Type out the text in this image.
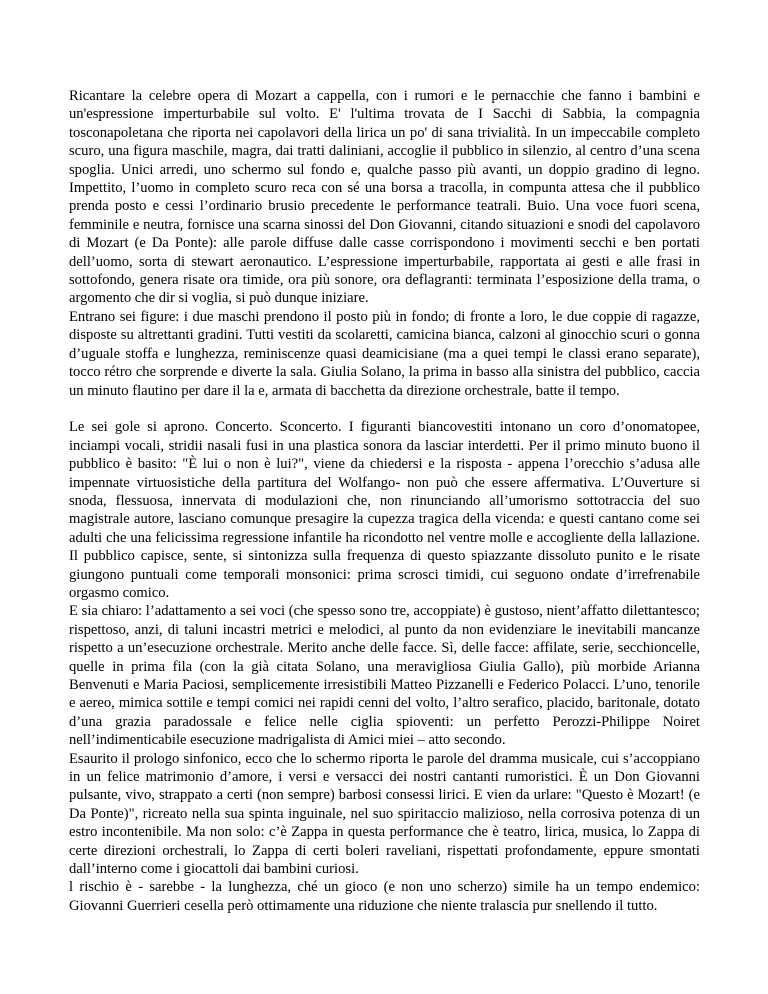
Ricantare la celebre opera di Mozart a cappella, con i rumori e le pernacchie che fanno i bambini e un'espressione imperturbabile sul volto. E' l'ultima trovata de I Sacchi di Sabbia, la compagnia tosconapoletana che riporta nei capolavori della lirica un po' di sana trivialità. In un impeccabile completo scuro, una figura maschile, magra, dai tratti daliniani, accoglie il pubblico in silenzio, al centro d’una scena spoglia. Unici arredi, uno schermo sul fondo e, qualche passo più avanti, un doppio gradino di legno. Impettito, l’uomo in completo scuro reca con sé una borsa a tracolla, in compunta attesa che il pubblico prenda posto e cessi l’ordinario brusio precedente le performance teatrali. Buio. Una voce fuori scena, femminile e neutra, fornisce una scarna sinossi del Don Giovanni, citando situazioni e snodi del capolavoro di Mozart (e Da Ponte): alle parole diffuse dalle casse corrispondono i movimenti secchi e ben portati dell’uomo, sorta di stewart aeronautico. L’espressione imperturbabile, rapportata ai gesti e alle frasi in sottofondo, genera risate ora timide, ora più sonore, ora deflagranti: terminata l’esposizione della trama, o argomento che dir si voglia, si può dunque iniziare.

Entrano sei figure: i due maschi prendono il posto più in fondo; di fronte a loro, le due coppie di ragazze, disposte su altrettanti gradini. Tutti vestiti da scolaretti, camicina bianca, calzoni al ginocchio scuri o gonna d’uguale stoffa e lunghezza, reminiscenze quasi deamicisiane (ma a quei tempi le classi erano separate), tocco rétro che sorprende e diverte la sala. Giulia Solano, la prima in basso alla sinistra del pubblico, caccia un minuto flautino per dare il la e, armata di bacchetta da direzione orchestrale, batte il tempo.

Le sei gole si aprono. Concerto. Sconcerto. I figuranti biancovestiti intonano un coro d’onomatopee, inciampi vocali, stridii nasali fusi in una plastica sonora da lasciar interdetti. Per il primo minuto buono il pubblico è basito: "È lui o non è lui?", viene da chiedersi e la risposta - appena l’orecchio s’adusa alle impennate virtuosistiche della partitura del Wolfango- non può che essere affermativa. L’Ouverture si snoda, flessuosa, innervata di modulazioni che, non rinunciando all’umorismo sottotraccia del suo magistrale autore, lasciano comunque presagire la cupezza tragica della vicenda: e questi cantano come sei adulti che una felicissima regressione infantile ha ricondotto nel ventre molle e accogliente della lallazione. Il pubblico capisce, sente, si sintonizza sulla frequenza di questo spiazzante dissoluto punito e le risate giungono puntuali come temporali monsonici: prima scrosci timidi, cui seguono ondate d’irrefrenabile orgasmo comico.

E sia chiaro: l’adattamento a sei voci (che spesso sono tre, accoppiate) è gustoso, nient’affatto dilettantesco; rispettoso, anzi, di taluni incastri metrici e melodici, al punto da non evidenziare le inevitabili mancanze rispetto a un’esecuzione orchestrale. Merito anche delle facce. Sì, delle facce: affilate, serie, secchioncelle, quelle in prima fila (con la già citata Solano, una meravigliosa Giulia Gallo), più morbide Arianna Benvenuti e Maria Paciosi, semplicemente irresistibili Matteo Pizzanelli e Federico Polacci. L’uno, tenorile e aereo, mimica sottile e tempi comici nei rapidi cenni del volto, l’altro serafico, placido, baritonale, dotato d’una grazia paradossale e felice nelle ciglia spioventi: un perfetto Perozzi-Philippe Noiret nell’indimenticabile esecuzione madrigalista di Amici miei – atto secondo.

Esaurito il prologo sinfonico, ecco che lo schermo riporta le parole del dramma musicale, cui s’accoppiano in un felice matrimonio d’amore, i versi e versacci dei nostri cantanti rumoristici. È un Don Giovanni pulsante, vivo, strappato a certi (non sempre) barbosi consessi lirici. E vien da urlare: "Questo è Mozart! (e Da Ponte)", ricreato nella sua spinta inguinale, nel suo spiritaccio malizioso, nella corrosiva potenza di un estro incontenibile. Ma non solo: c’è Zappa in questa performance che è teatro, lirica, musica, lo Zappa di certe direzioni orchestrali, lo Zappa di certi boleri raveliani, rispettati profondamente, eppure smontati dall’interno come i giocattoli dai bambini curiosi.

l rischio è - sarebbe - la lunghezza, ché un gioco (e non uno scherzo) simile ha un tempo endemico: Giovanni Guerrieri cesella però ottimamente una riduzione che niente tralascia pur snellendo il tutto.
